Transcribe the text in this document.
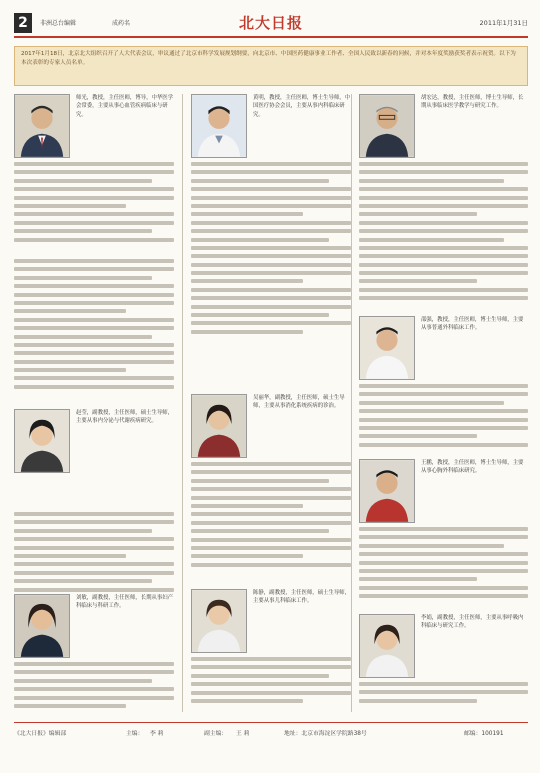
2	非洲总台编辑	成药名	北大日报	2011年1月31日
2017年1月18日，北京北大组织召开了人大代表会议，审议通过了北京市科学发展规划纲要，向北京市、中国医药健康事业工作者、全国人民致以新春的问候，并对本年度奖励获奖者表示祝贺。以下为本次表彰的专家人员名单。
师光，教授，主任医师，博导，中华医学会常委，主要从事心血管疾病临床与研究。
赵莹，副教授，主任医师，硕士生导师，主要从事内分泌与代谢疾病研究。
刘敏，副教授，主任医师，长期从事妇产科临床与科研工作。
黄明，教授，主任医师，博士生导师，中国医疗协会会员，主要从事内科临床研究。
吴丽华，副教授，主任医师，硕士生导师，主要从事消化系统疾病的诊治。
陈静，副教授，主任医师，硕士生导师，主要从事儿科临床工作。
胡宏达，教授，主任医师，博士生导师，长期从事临床医学教学与研究工作。
邵强，教授，主任医师，博士生导师，主要从事普通外科临床工作。
王鹏，教授，主任医师，博士生导师，主要从事心胸外科临床研究。
李娟，副教授，主任医师，主要从事呼吸内科临床与研究工作。
《北大日报》编辑部	主编： 李 莉	副主编： 王 莉	地址：北京市海淀区学院路38号	邮编：100191
